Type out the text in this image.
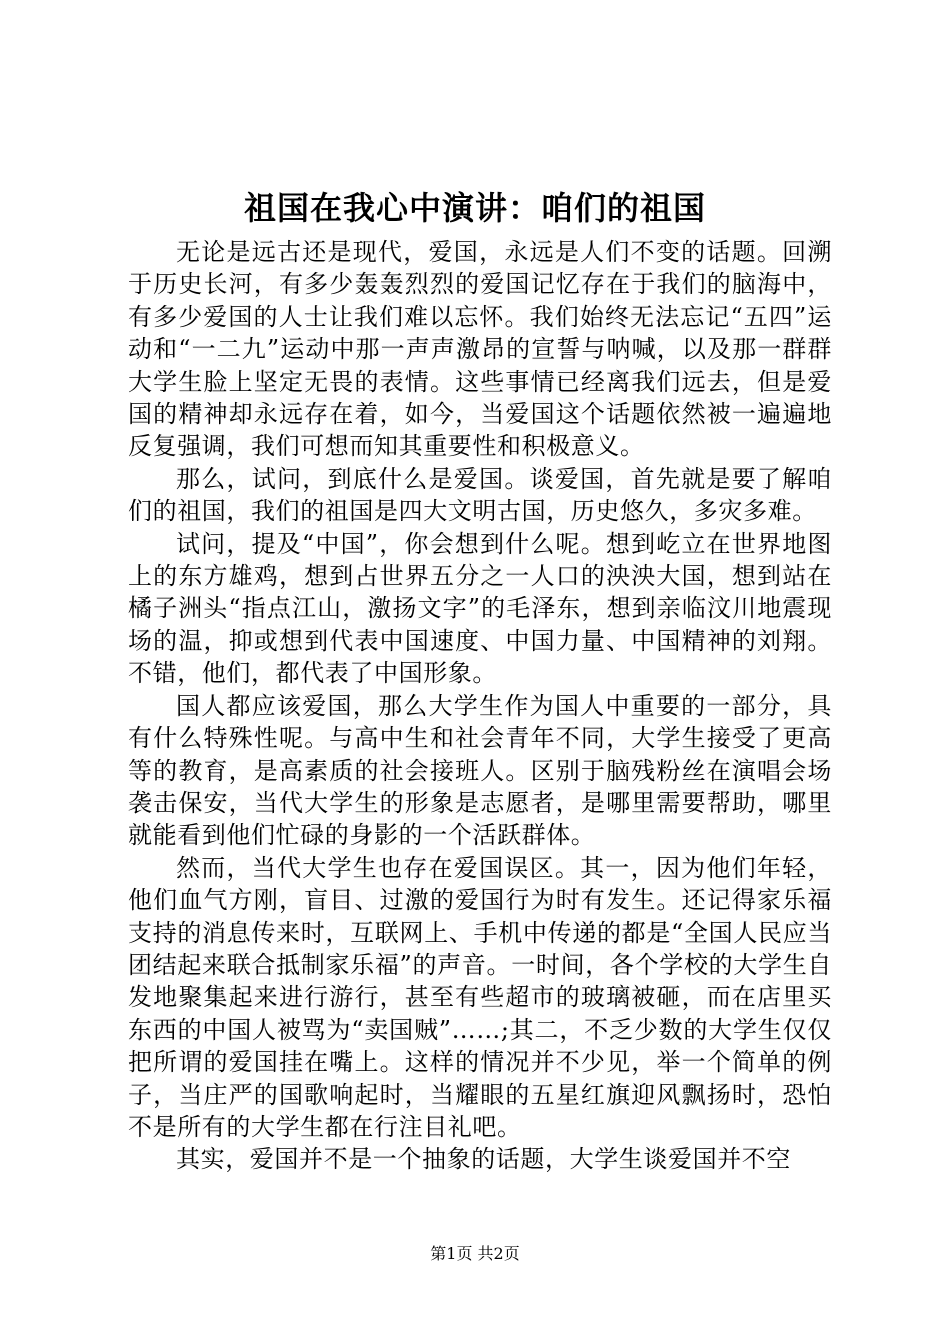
祖国在我心中演讲：咱们的祖国

无论是远古还是现代，爱国，永远是人们不变的话题。回溯于历史长河，有多少轰轰烈烈的爱国记忆存在于我们的脑海中，有多少爱国的人士让我们难以忘怀。我们始终无法忘记“五四”运动和“一二九”运动中那一声声激昂的宣誓与呐喊，以及那一群群大学生脸上坚定无畏的表情。这些事情已经离我们远去，但是爱国的精神却永远存在着，如今，当爱国这个话题依然被一遍遍地反复强调，我们可想而知其重要性和积极意义。

那么，试问，到底什么是爱国。谈爱国，首先就是要了解咱们的祖国，我们的祖国是四大文明古国，历史悠久，多灾多难。

试问，提及“中国”，你会想到什么呢。想到屹立在世界地图上的东方雄鸡，想到占世界五分之一人口的泱泱大国，想到站在橘子洲头“指点江山，激扬文字”的毛泽东，想到亲临汶川地震现场的温，抑或想到代表中国速度、中国力量、中国精神的刘翔。不错，他们，都代表了中国形象。

国人都应该爱国，那么大学生作为国人中重要的一部分，具有什么特殊性呢。与高中生和社会青年不同，大学生接受了更高等的教育，是高素质的社会接班人。区别于脑残粉丝在演唱会场袭击保安，当代大学生的形象是志愿者，是哪里需要帮助，哪里就能看到他们忙碌的身影的一个活跃群体。

然而，当代大学生也存在爱国误区。其一，因为他们年轻，他们血气方刚，盲目、过激的爱国行为时有发生。还记得家乐福支持的消息传来时，互联网上、手机中传递的都是“全国人民应当团结起来联合抵制家乐福”的声音。一时间，各个学校的大学生自发地聚集起来进行游行，甚至有些超市的玻璃被砸，而在店里买东西的中国人被骂为“卖国贼”……;其二，不乏少数的大学生仅仅把所谓的爱国挂在嘴上。这样的情况并不少见，举一个简单的例子，当庄严的国歌响起时，当耀眼的五星红旗迎风飘扬时，恐怕不是所有的大学生都在行注目礼吧。

其实，爱国并不是一个抽象的话题，大学生谈爱国并不空

第1页 共2页
